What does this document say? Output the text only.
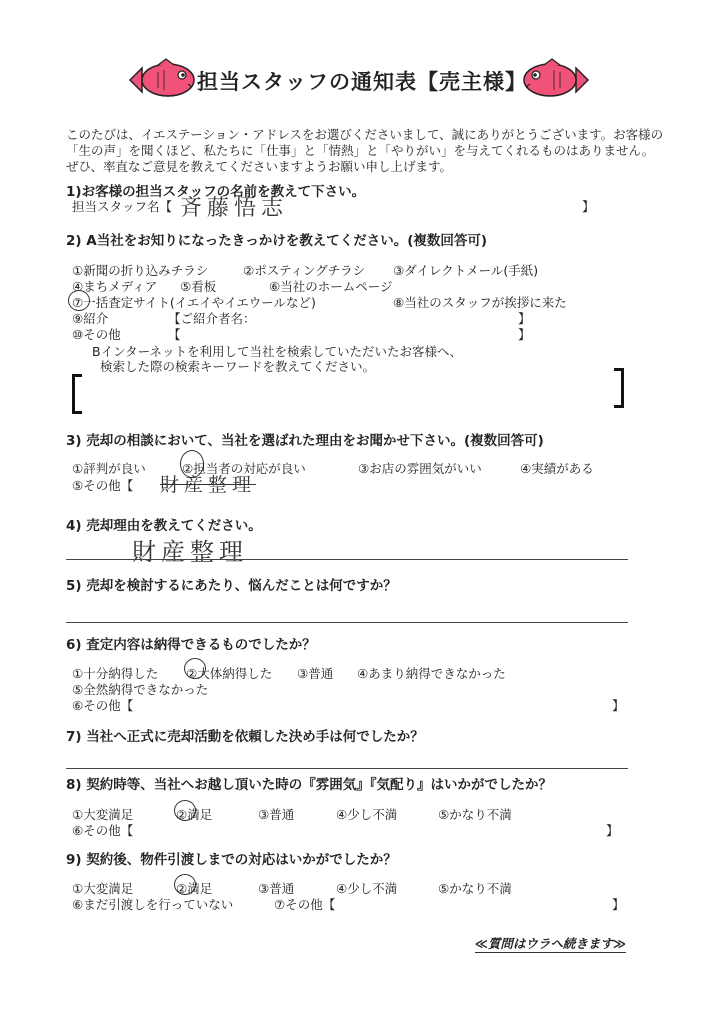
担当スタッフの通知表【売主様】
このたびは、イエステーション・アドレスをお選びくださいまして、誠にありがとうございます。お客様の「生の声」を聞くほど、私たちに「仕事」と「情熱」と「やりがい」を与えてくれるものはありません。ぜひ、率直なご意見を教えてくださいますようお願い申し上げます。
1)お客様の担当スタッフの名前を教えて下さい。
担当スタッフ名【 斉藤悟志	】
2) A当社をお知りになったきっかけを教えてください。(複数回答可)
①新聞の折り込みチラシ	②ポスティングチラシ ③ダイレクトメール(手紙)
④まちメディア ⑤看板	⑥当社のホームページ
⑦一括査定サイト(イエイやイエウールなど)	⑧当社のスタッフが挨拶に来た
⑨紹介	【ご紹介者名：	】
⑩その他	【	】
Bインターネットを利用して当社を検索していただいたお客様へ、
検索した際の検索キーワードを教えてください。
3) 売却の相談において、当社を選ばれた理由をお聞かせ下さい。(複数回答可)
①評判が良い	②担当者の対応が良い	③お店の雰囲気がいい	④実績がある
⑤その他【 財産整理
4) 売却理由を教えてください。
財産整理
5) 売却を検討するにあたり、悩んだことは何ですか？
6) 査定内容は納得できるものでしたか？
①十分納得した ②大体納得した ③普通 ④あまり納得できなかった
⑤全然納得できなかった
⑥その他【	】
7) 当社へ正式に売却活動を依頼した決め手は何でしたか？
8) 契約時等、当社へお越し頂いた時の『雰囲気』『気配り』はいかがでしたか？
①大変満足	②満足	③普通	④少し不満	⑤かなり不満
⑥その他【	】
9) 契約後、物件引渡しまでの対応はいかがでしたか？
①大変満足	②満足	③普通	④少し不満	⑤かなり不満
⑥まだ引渡しを行っていない	⑦その他【	】
≪質問はウラへ続きます≫
